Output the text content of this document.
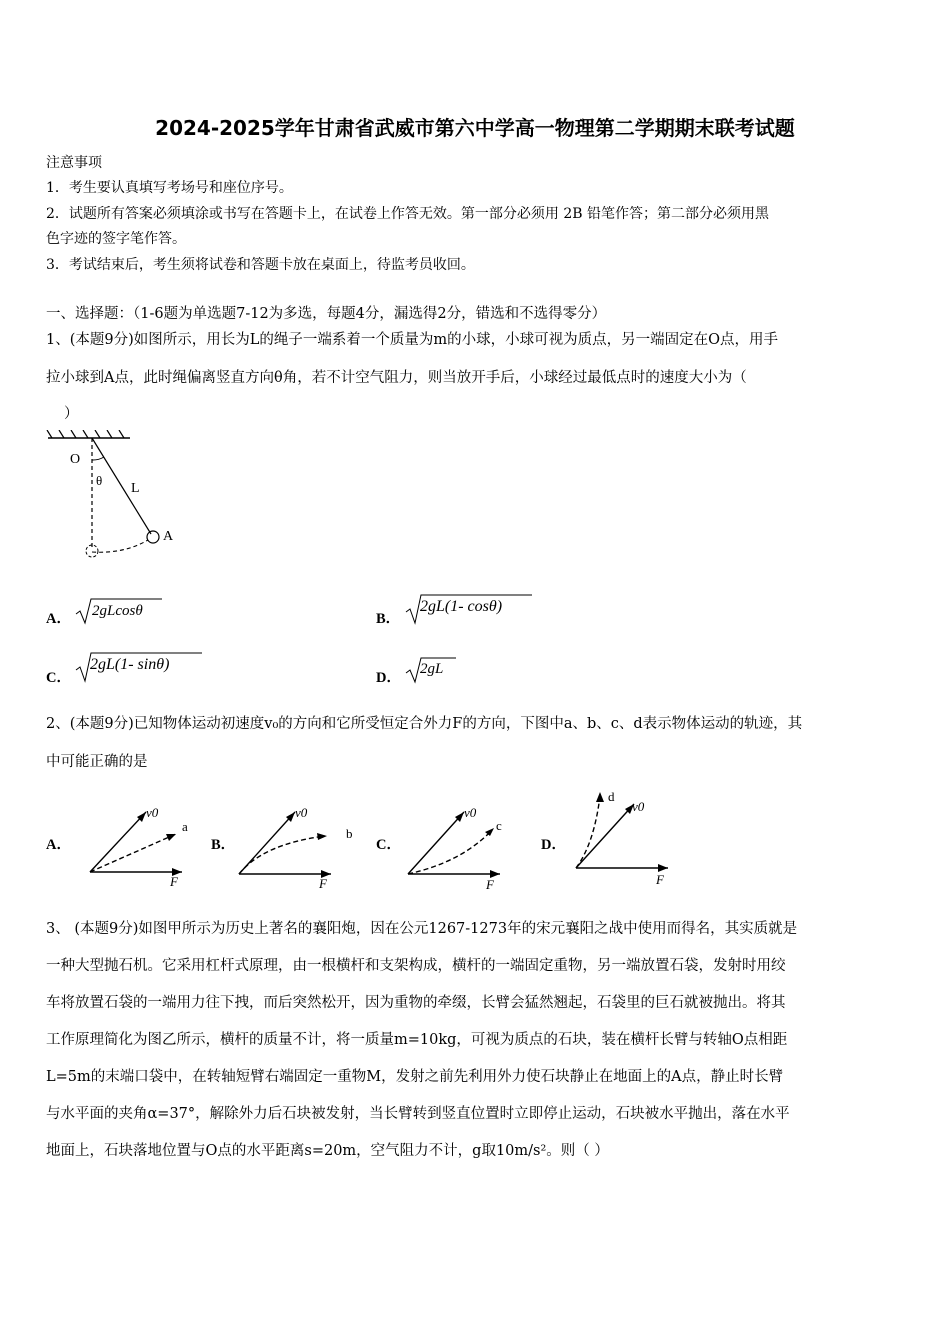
2024-2025学年甘肃省武威市第六中学高一物理第二学期期末联考试题
注意事项
1．考生要认真填写考场号和座位序号。
2．试题所有答案必须填涂或书写在答题卡上，在试卷上作答无效。第一部分必须用 2B 铅笔作答；第二部分必须用黑
色字迹的签字笔作答。
3．考试结束后，考生须将试卷和答题卡放在桌面上，待监考员收回。
一、选择题：（1-6题为单选题7-12为多选，每题4分，漏选得2分，错选和不选得零分）
1、(本题9分)如图所示，用长为L的绳子一端系着一个质量为m的小球，小球可视为质点，另一端固定在O点，用手
拉小球到A点，此时绳偏离竖直方向θ角，若不计空气阻力，则当放开手后，小球经过最低点时的速度大小为（
）
O
θ
L
A
A． 2gLcosθ	B．
2gL(1- cosθ)
C．
2gL(1- sinθ)
D．
2gL
2、(本题9分)已知物体运动初速度v₀的方向和它所受恒定合外力F的方向，下图中a、b、c、d表示物体运动的轨迹，其
中可能正确的是
A．
v0
a
F
B．
v0
b
F
C．
v0
c
F
D．
v0
d
F
3、 (本题9分)如图甲所示为历史上著名的襄阳炮，因在公元1267-1273年的宋元襄阳之战中使用而得名，其实质就是
一种大型抛石机。它采用杠杆式原理，由一根横杆和支架构成，横杆的一端固定重物，另一端放置石袋，发射时用绞
车将放置石袋的一端用力往下拽，而后突然松开，因为重物的牵缀，长臂会猛然翘起，石袋里的巨石就被抛出。将其
工作原理简化为图乙所示，横杆的质量不计，将一质量m=10kg，可视为质点的石块，装在横杆长臂与转轴O点相距
L=5m的末端口袋中，在转轴短臂右端固定一重物M，发射之前先利用外力使石块静止在地面上的A点，静止时长臂
与水平面的夹角α=37°，解除外力后石块被发射，当长臂转到竖直位置时立即停止运动，石块被水平抛出，落在水平
地面上，石块落地位置与O点的水平距离s=20m，空气阻力不计，g取10m/s²。则（ ）
